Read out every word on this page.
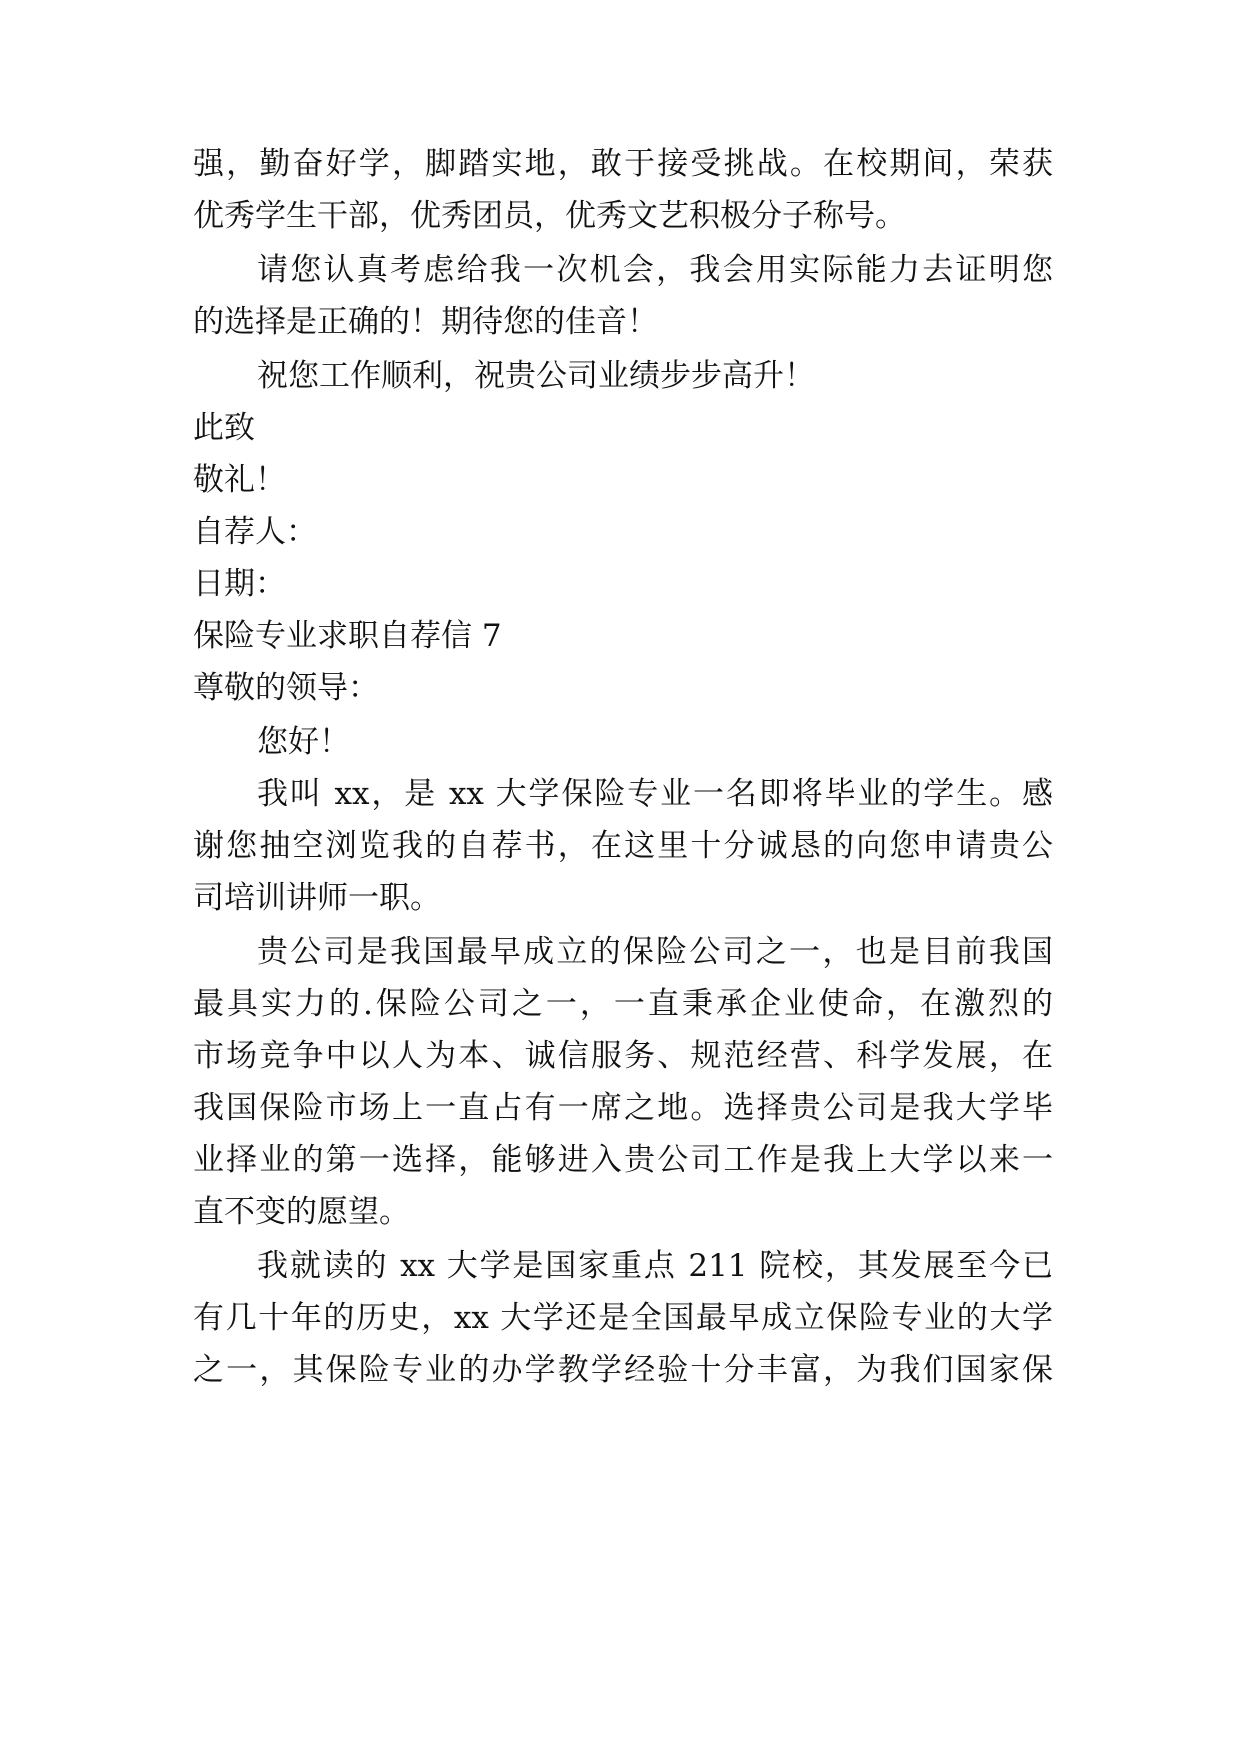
强，勤奋好学，脚踏实地，敢于接受挑战。在校期间，荣获
优秀学生干部，优秀团员，优秀文艺积极分子称号。
请您认真考虑给我一次机会，我会用实际能力去证明您
的选择是正确的！期待您的佳音！
祝您工作顺利，祝贵公司业绩步步高升！
此致
敬礼！
自荐人：
日期：
保险专业求职自荐信 7
尊敬的领导：
您好！
我叫 xx，是 xx 大学保险专业一名即将毕业的学生。感
谢您抽空浏览我的自荐书，在这里十分诚恳的向您申请贵公
司培训讲师一职。
贵公司是我国最早成立的保险公司之一，也是目前我国
最具实力的.保险公司之一，一直秉承企业使命，在激烈的
市场竞争中以人为本、诚信服务、规范经营、科学发展，在
我国保险市场上一直占有一席之地。选择贵公司是我大学毕
业择业的第一选择，能够进入贵公司工作是我上大学以来一
直不变的愿望。
我就读的 xx 大学是国家重点 211 院校，其发展至今已
有几十年的历史，xx 大学还是全国最早成立保险专业的大学
之一，其保险专业的办学教学经验十分丰富，为我们国家保
